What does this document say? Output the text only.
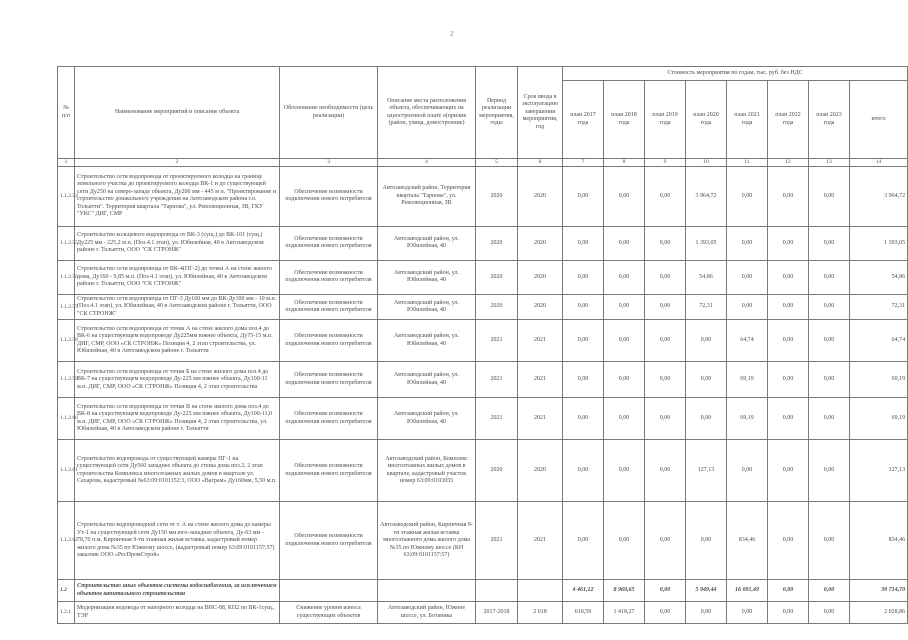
2
№ п/п	Наименование мероприятий и описание объекта	Обоснование необходимости (цель реализации)	Описание места расположения объекта, обеспечивающих на одностроенной плате о(прилик (район, улица, домостроение)	Период реализации мероприятия, годы	Срок ввода в эксплуатацию завершения мероприятия, год	Стоимость мероприятия по годам, тыс. руб. без НДС							
						план 2017 года	план 2018 года	план 2019 года	план 2020 года	план 2021 года	план 2022 года	план 2023 года	итого
1	2	3	4	5	6	7	8	9	10	11	12	13	14
1.1.2.54	Строительство сети водопровода от проектируемого колодца на границе земельного участка до проектируемого колодца ВК-1 и до существующей сети Ду250 на северо-западе объекта, Ду200 мм - 445 м п. "Проектирование и строительство дошкольного учреждения на Автозаводском района г.о. Тольятти". Территория квартала "Тарнова", ул. Революционная, ЗВ, ГКУ "УКС" ДИГ, СМР	Обеспечение возможности подключения нового потребителя	Автозаводский район, Территория квартала "Тарнова", ул. Революционная, ЗВ	2020	2020	0,00	0,00	0,00	3 964,72	0,00	0,00	0,00	3 964,72
1.1.2.55	Строительство кольцевого водопровода от ВК-3 (сущ.) до ВК-101 (сущ.) Ду225 мм - 225,2 м.п. (Поз.4.1 этап), ул. Юбилейная, 40 в Автозаводском районе г. Тольятти, ООО "СК СТРОНЖ"	Обеспечение возможности подключения нового потребителя	Автозаводский район, ул. Юбилейная, 40	2020	2020	0,00	0,00	0,00	1 393,05	0,00	0,00	0,00	1 393,05
1.1.2.56	Строительство сети водопровода от ВК-4(ПГ-2) до точки А на стене жилого дома, Ду160 - 9,85 м.п. (Поз.4.1 этап), ул. Юбилейная, 40 в Автозаводском районе г. Тольятти, ООО "СК СТРОНЖ"	Обеспечение возможности подключения нового потребителя	Автозаводский район, ул. Юбилейная, 40	2020	2020	0,00	0,00	0,00	54,86	0,00	0,00	0,00	54,86
1.1.2.57	Строительство сети водопровода от ПГ-3 Ду160 мм до ВК-Ду100 мм - 10 м.п. (Поз.4.1 этап), ул. Юбилейная, 40 в Автозаводском районе г. Тольятти, ООО "СК СТРОНЖ"	Обеспечение возможности подключения нового потребителя	Автозаводский район, ул. Юбилейная, 40	2020	2020	0,00	0,00	0,00	72,31	0,00	0,00	0,00	72,31
1.1.2.58	Строительство сети водопровода от точки А на стене жилого дома поз.4 до ВК-6 на существующем водопроводе Ду225мм южнее объекта, Ду75-15 м.п. ДИГ, СМР, ООО «СК СТРОНЖ» Позиция 4, 2 этап строительства, ул. Юбилейная, 40 в Автозаводском районе г. Тольятти	Обеспечение возможности подключения нового потребителя	Автозаводский район, ул. Юбилейная, 40	2021	2021	0,00	0,00	0,00	0,00	64,74	0,00	0,00	64,74
1.1.2.59	Строительство сети водопровода от точки Б на стене жилого дома поз.4 до ВК-7 на существующем водопроводе Ду-225 мм южнее объекта, Ду100-11 м.п. ДИГ, СМР, ООО «СК СТРОНЖ» Позиция 4, 2 этап строительства	Обеспечение возможности подключения нового потребителя	Автозаводский район, ул. Юбилейная, 40	2021	2021	0,00	0,00	0,00	0,00	69,19	0,00	0,00	69,19
1.1.2.60	Строительство сети водопровода от точки В на стене жилого дома поз.4 до ВК-8 на существующем водопроводе Ду-225 мм южнее объекта, Ду100-11,0 м.п. ДИГ, СМР, ООО «СК СТРОНЖ» Позиция 4, 2 этап строительства, ул. Юбилейная, 40 в Автозаводском районе г. Тольятти	Обеспечение возможности подключения нового потребителя	Автозаводский район, ул. Юбилейная, 40	2021	2021	0,00	0,00	0,00	0,00	69,19	0,00	0,00	69,19
1.1.2.61	Строительство водопровода от существующей камеры ПГ-1 на существующей сети Ду560 западнее объекта до стены дома поз.2, 2 этап строительства Комплекса многоэтажных жилых домов в квартале ул. Сахарова, кадастровый №63:09:0101152:3, ООО «Ваграм» Ду160мм, 5,50 м.п.	Обеспечение возможности подключения нового потребителя	Автозаводский район, Комплекс многоэтажных жилых домов в квартале, кадастровый участок номер 63:09:0103055	2020	2020	0,00	0,00	0,00	127,13	0,00	0,00	0,00	127,13
1.1.2.62	Строительство водопроводной сети от т. А на стене жилого дома до камеры Ут-1 на существующей сети Ду150 мм юго-западнее объекта, Ду-63 мм - 78,70 п.м. Кирпичная 9-ти этажная жилая вставка, кадастровый номер жилого дома №35 по Южному шоссе, (кадастровый номер 63:09:0101157:57) заказчик ООО «РесПромСтрой»	Обеспечение возможности подключения нового потребителя	Автозаводский район, Кирпичная 9-ти этажная жилая вставка многоэтажного дома жилого дома №35 по Южному шоссе (КН 63:09:0101157:57)	2021	2021	0,00	0,00	0,00	0,00	834,46	0,00	0,00	834,46
1.2	Строительство иных объектов системы водоснабжения, за исключением объектов капитального строительства					4 461,12	8 969,65	0,00	5 949,44	16 091,49	0,00	0,00	39 714,70
1.2.1	Модернизация водовода от напорного колодца на ВНС-88, КП2 по ВК-1сущ., ТЭР	Снижение уровня износа существующих объектов	Автозаводский район, Южное шоссе, ул. Ботаника	2017-2018	2 018	610,59	1 418,27	0,00	0,00	0,00	0,00	0,00	2 028,86
